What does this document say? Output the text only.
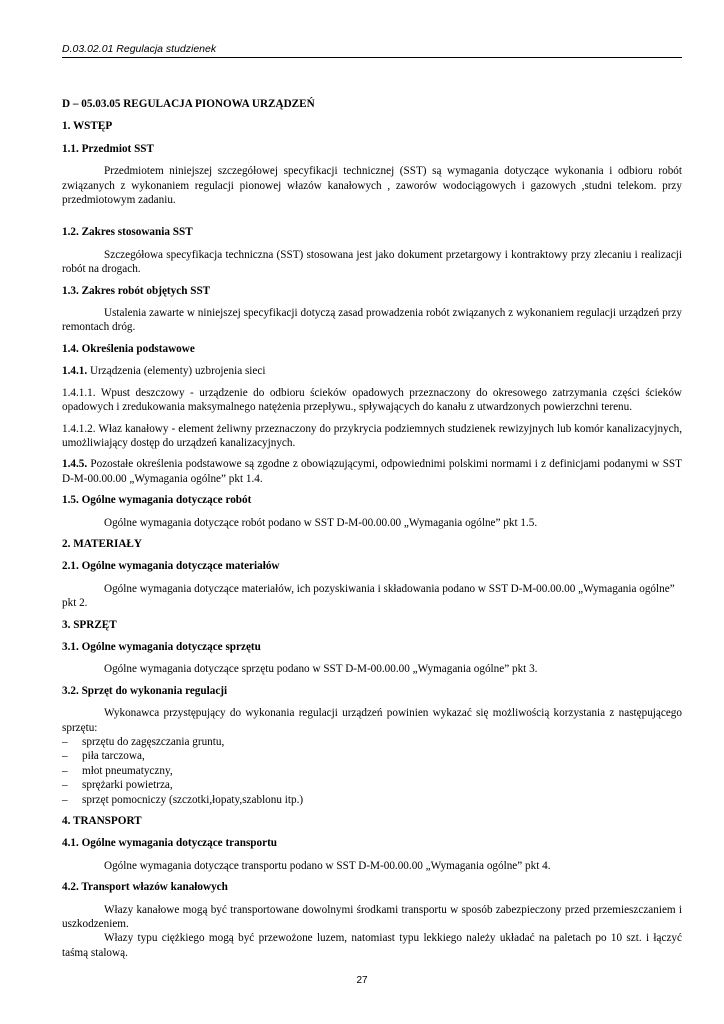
D.03.02.01 Regulacja studzienek

D – 05.03.05 REGULACJA PIONOWA URZĄDZEŃ

1. WSTĘP

1.1. Przedmiot SST

Przedmiotem niniejszej szczegółowej specyfikacji technicznej (SST) są wymagania dotyczące wykonania i odbioru robót związanych z wykonaniem regulacji pionowej włazów kanałowych , zaworów wodociągowych i gazowych ,studni telekom. przy przedmiotowym zadaniu.

1.2. Zakres stosowania SST

Szczegółowa specyfikacja techniczna (SST) stosowana jest jako dokument przetargowy i kontraktowy przy zlecaniu i realizacji robót na drogach.

1.3. Zakres robót objętych SST

Ustalenia zawarte w niniejszej specyfikacji dotyczą zasad prowadzenia robót związanych z wykonaniem regulacji urządzeń przy remontach dróg.

1.4. Określenia podstawowe

1.4.1. Urządzenia (elementy) uzbrojenia sieci

1.4.1.1. Wpust deszczowy - urządzenie do odbioru ścieków opadowych przeznaczony do okresowego zatrzymania części ścieków opadowych i zredukowania maksymalnego natężenia przepływu., spływających do kanału z utwardzonych powierzchni terenu.

1.4.1.2. Właz kanałowy - element żeliwny przeznaczony do przykrycia podziemnych studzienek rewizyjnych lub komór kanalizacyjnych, umożliwiający dostęp do urządzeń kanalizacyjnych.

1.4.5. Pozostałe określenia podstawowe są zgodne z obowiązującymi, odpowiednimi polskimi normami i z definicjami podanymi w SST D-M-00.00.00 „Wymagania ogólne” pkt 1.4.

1.5. Ogólne wymagania dotyczące robót

Ogólne wymagania dotyczące robót podano w SST D-M-00.00.00 „Wymagania ogólne” pkt 1.5.

2. MATERIAŁY

2.1. Ogólne wymagania dotyczące materiałów

Ogólne wymagania dotyczące materiałów, ich pozyskiwania i składowania podano w SST D-M-00.00.00 „Wymagania ogólne” pkt 2.

3. SPRZĘT

3.1. Ogólne wymagania dotyczące sprzętu

Ogólne wymagania dotyczące sprzętu podano w SST D-M-00.00.00 „Wymagania ogólne” pkt 3.

3.2. Sprzęt do wykonania regulacji

Wykonawca przystępujący do wykonania regulacji urządzeń powinien wykazać się możliwością korzystania z następującego sprzętu:

– sprzętu do zagęszczania gruntu,
– piła tarczowa,
– młot pneumatyczny,
– sprężarki powietrza,
– sprzęt pomocniczy (szczotki,łopaty,szablonu itp.)

4. TRANSPORT

4.1. Ogólne wymagania dotyczące transportu

Ogólne wymagania dotyczące transportu podano w SST D-M-00.00.00 „Wymagania ogólne” pkt 4.

4.2. Transport włazów kanałowych

Włazy kanałowe mogą być transportowane dowolnymi środkami transportu w sposób zabezpieczony przed przemieszczaniem i uszkodzeniem.

Włazy typu ciężkiego mogą być przewożone luzem, natomiast typu lekkiego należy układać na paletach po 10 szt. i łączyć taśmą stalową.

27
